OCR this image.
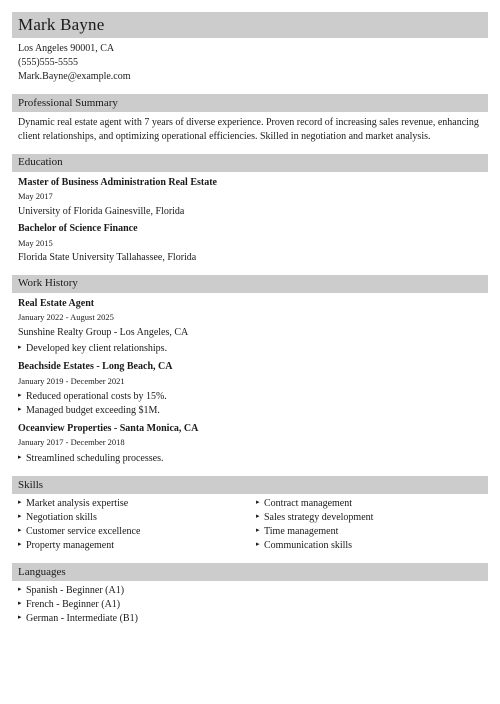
Mark Bayne
Los Angeles 90001, CA
(555)555-5555
Mark.Bayne@example.com
Professional Summary
Dynamic real estate agent with 7 years of diverse experience. Proven record of increasing sales revenue, enhancing client relationships, and optimizing operational efficiencies. Skilled in negotiation and market analysis.
Education
Master of Business Administration Real Estate
May 2017
University of Florida Gainesville, Florida
Bachelor of Science Finance
May 2015
Florida State University Tallahassee, Florida
Work History
Real Estate Agent
January 2022 - August 2025
Sunshine Realty Group - Los Angeles, CA
▸ Developed key client relationships.
Beachside Estates - Long Beach, CA
January 2019 - December 2021
▸ Reduced operational costs by 15%.
▸ Managed budget exceeding $1M.
Oceanview Properties - Santa Monica, CA
January 2017 - December 2018
▸ Streamlined scheduling processes.
Skills
▸ Market analysis expertise
▸ Negotiation skills
▸ Customer service excellence
▸ Property management
▸ Contract management
▸ Sales strategy development
▸ Time management
▸ Communication skills
Languages
▸ Spanish - Beginner (A1)
▸ French - Beginner (A1)
▸ German - Intermediate (B1)
